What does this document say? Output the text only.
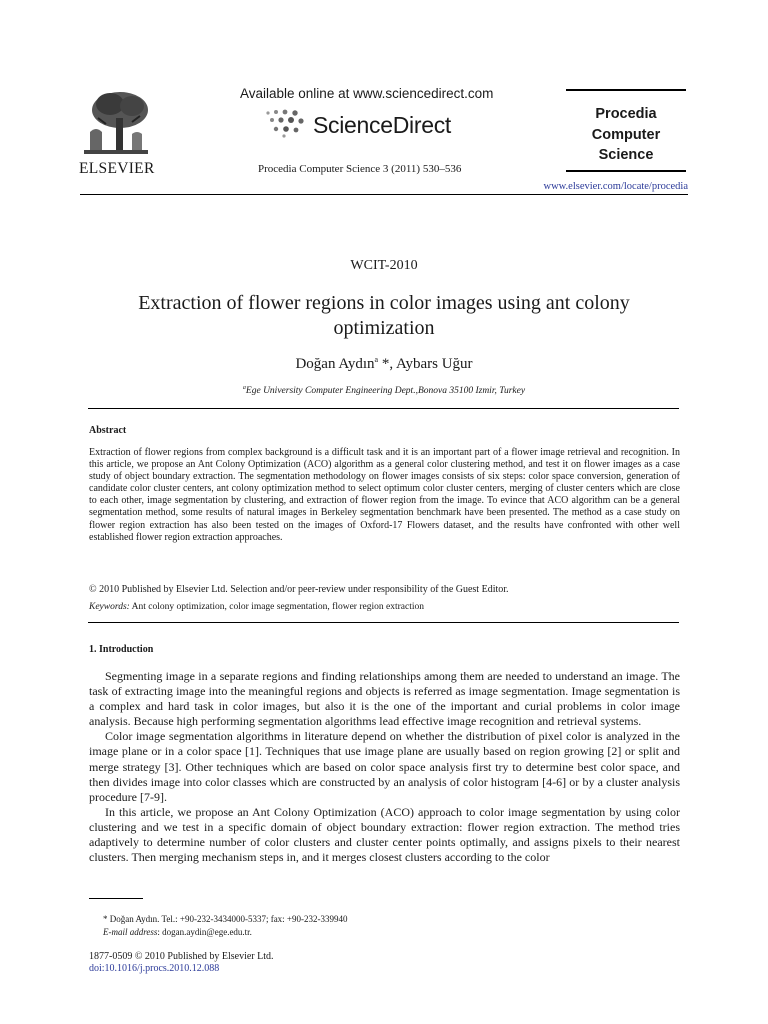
ELSEVIER
Available online at www.sciencedirect.com
ScienceDirect
Procedia Computer Science 3 (2011) 530–536
Procedia
Computer
Science
www.elsevier.com/locate/procedia
WCIT-2010
Extraction of flower regions in color images using ant colony optimization
Doğan Aydın$^a$ *, Aybars Uğur
$^a$Ege University Computer Engineering Dept.,Bonova 35100 Izmir, Turkey
Abstract
Extraction of flower regions from complex background is a difficult task and it is an important part of a flower image retrieval and recognition. In this article, we propose an Ant Colony Optimization (ACO) algorithm as a general color clustering method, and test it on flower images as a case study of object boundary extraction. The segmentation methodology on flower images consists of six steps: color space conversion, generation of candidate color cluster centers, ant colony optimization method to select optimum color cluster centers, merging of cluster centers which are close to each other, image segmentation by clustering, and extraction of flower region from the image. To evince that ACO algorithm can be a general segmentation method, some results of natural images in Berkeley segmentation benchmark have been presented. The method as a case study on flower region extraction has also been tested on the images of Oxford-17 Flowers dataset, and the results have confronted with other well established flower region extraction approaches.
© 2010 Published by Elsevier Ltd. Selection and/or peer-review under responsibility of the Guest Editor.
Keywords: Ant colony optimization, color image segmentation, flower region extraction
1. Introduction

Segmenting image in a separate regions and finding relationships among them are needed to understand an image. The task of extracting image into the meaningful regions and objects is referred as image segmentation. Image segmentation is a complex and hard task in color images, but also it is the one of the important and curial problems in color image analysis. Because high performing segmentation algorithms lead effective image recognition and retrieval systems.

Color image segmentation algorithms in literature depend on whether the distribution of pixel color is analyzed in the image plane or in a color space [1]. Techniques that use image plane are usually based on region growing [2] or split and merge strategy [3]. Other techniques which are based on color space analysis first try to determine best color space, and then divides image into color classes which are constructed by an analysis of color histogram [4-6] or by a cluster analysis procedure [7-9].

In this article, we propose an Ant Colony Optimization (ACO) approach to color image segmentation by using color clustering and we test in a specific domain of object boundary extraction: flower region extraction. The method tries adaptively to determine number of color clusters and cluster center points optimally, and assigns pixels to their nearest clusters. Then merging mechanism steps in, and it merges closest clusters according to the color

* Doğan Aydın. Tel.: +90-232-3434000-5337; fax: +90-232-339940
E-mail address: dogan.aydin@ege.edu.tr.
1877-0509 © 2010 Published by Elsevier Ltd.
doi:10.1016/j.procs.2010.12.088
